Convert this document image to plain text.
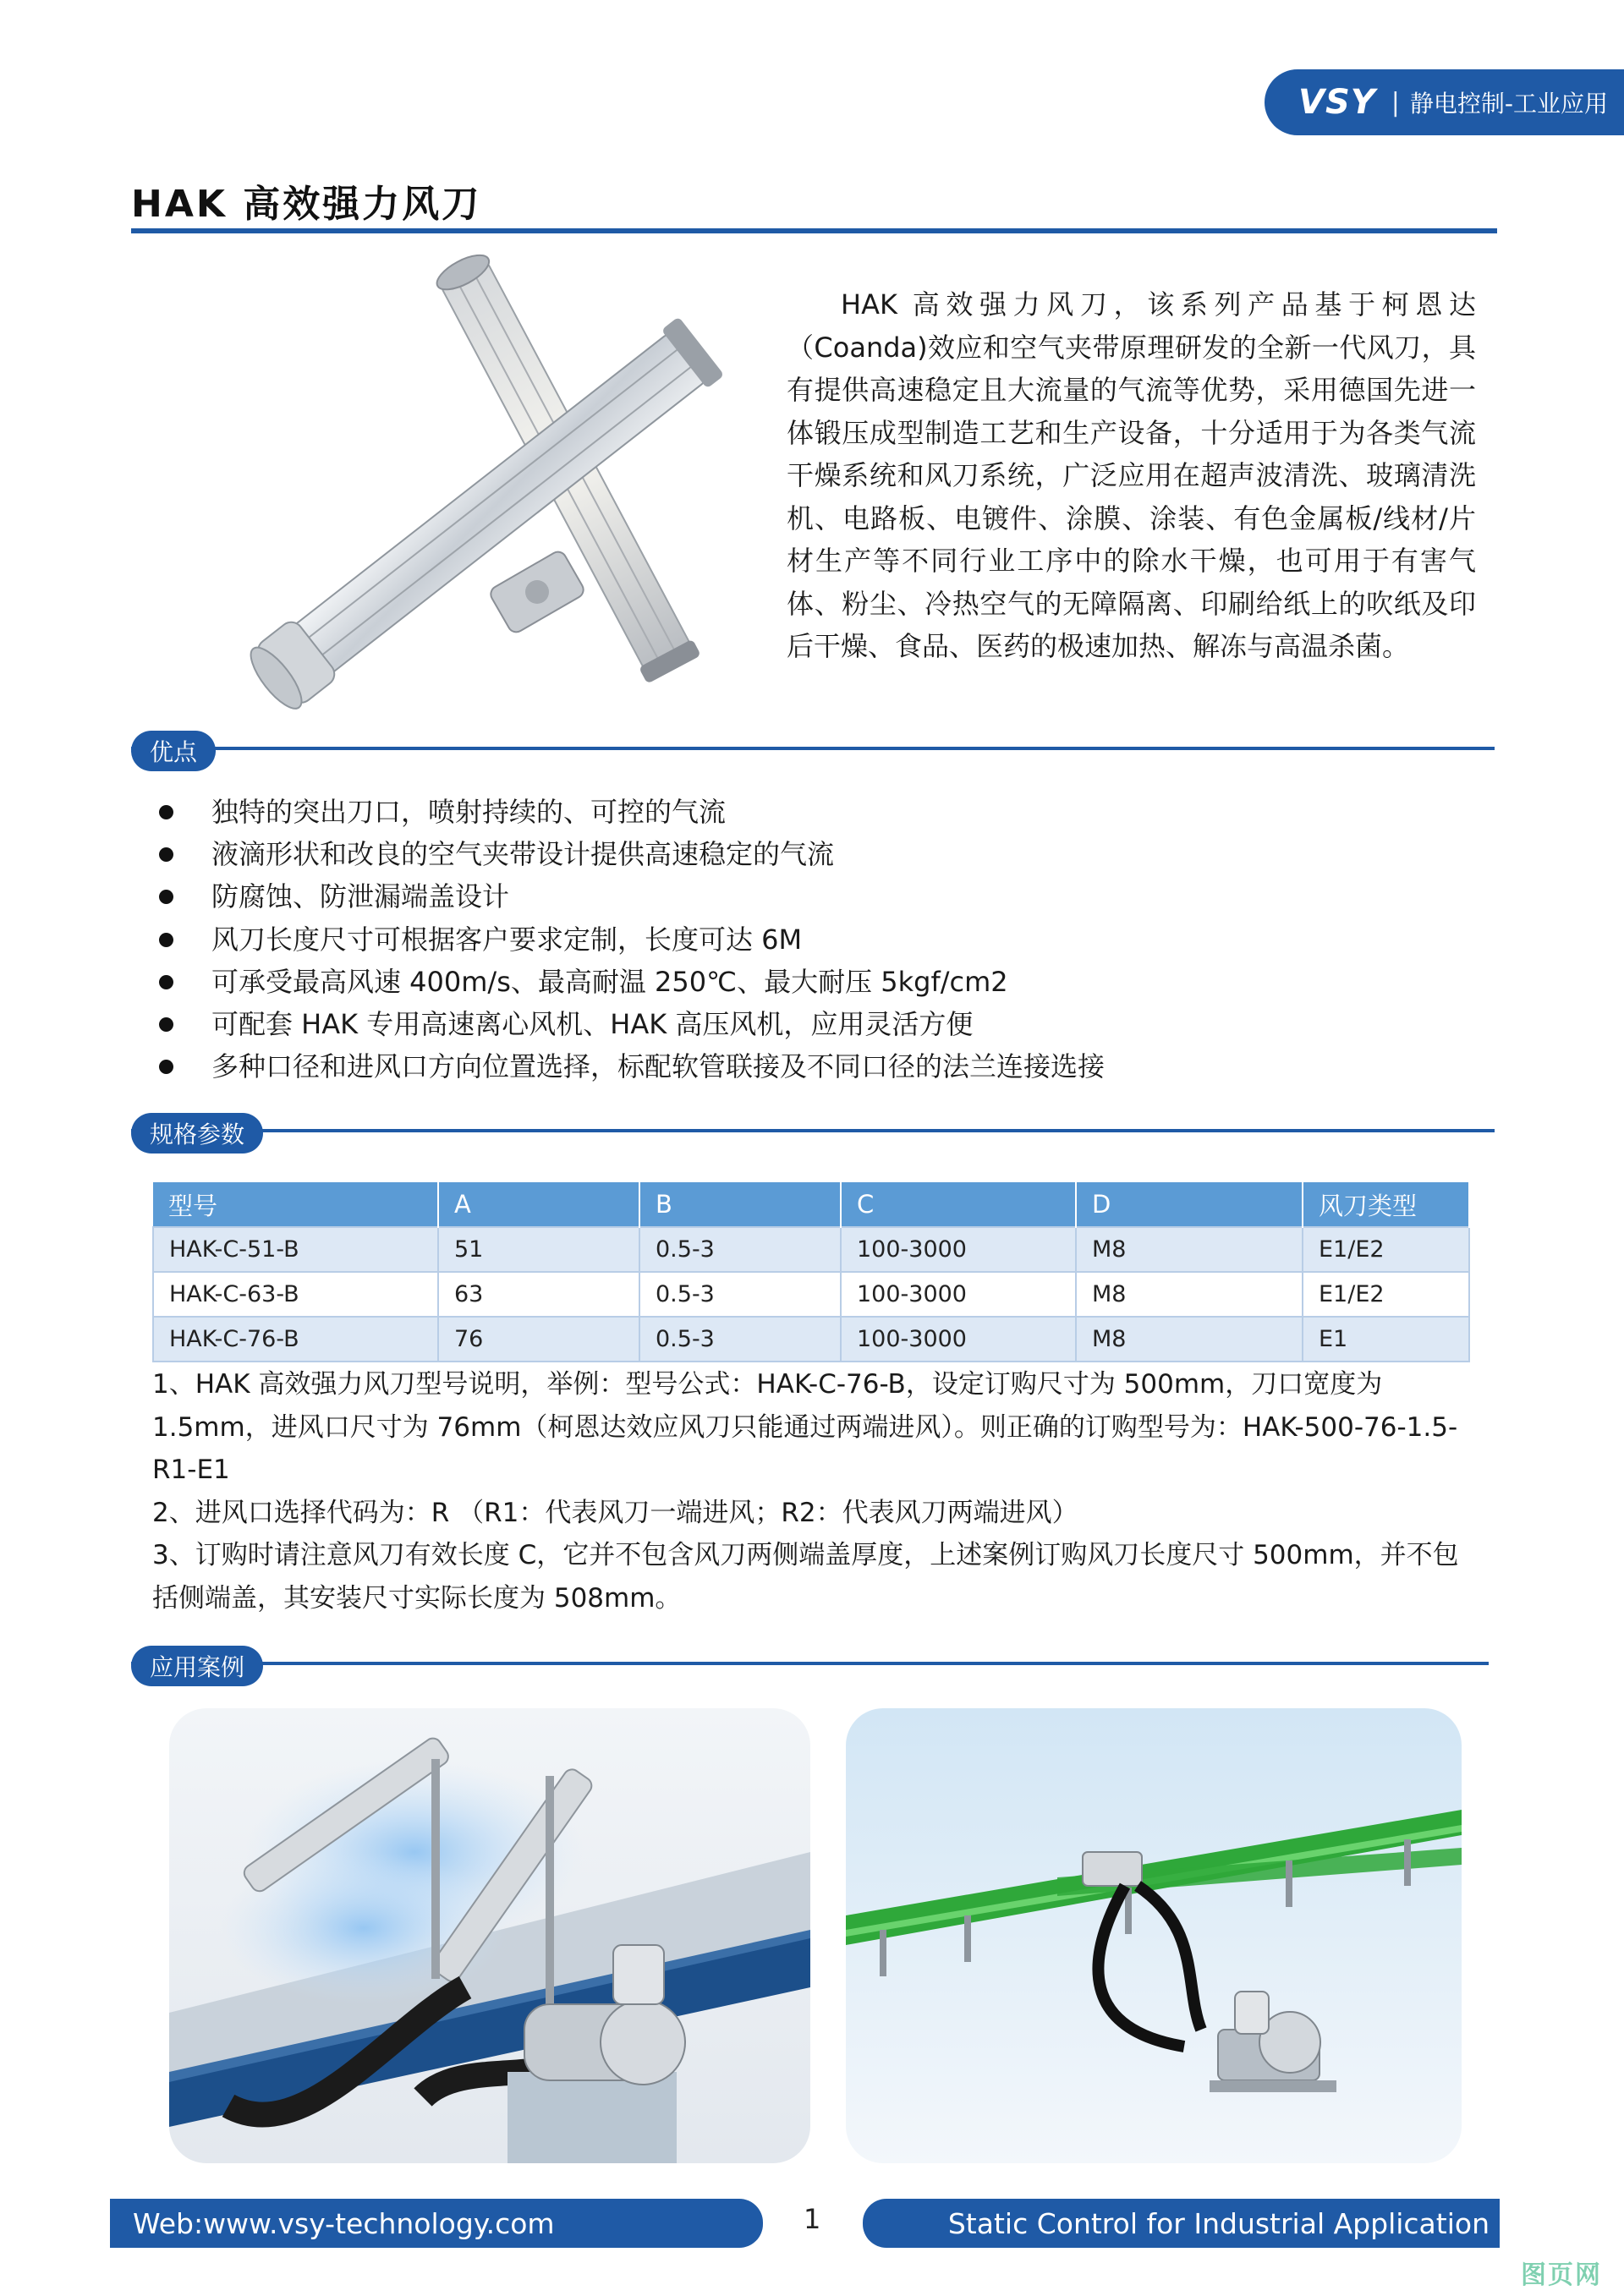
VSY | 静电控制-工业应用
HAK 高效强力风刀
HAK 高效强力风刀，该系列产品基于柯恩达（Coanda)效应和空气夹带原理研发的全新一代风刀，具有提供高速稳定且大流量的气流等优势，采用德国先进一体锻压成型制造工艺和生产设备，十分适用于为各类气流干燥系统和风刀系统，广泛应用在超声波清洗、玻璃清洗机、电路板、电镀件、涂膜、涂装、有色金属板/线材/片材生产等不同行业工序中的除水干燥，也可用于有害气体、粉尘、冷热空气的无障隔离、印刷给纸上的吹纸及印后干燥、食品、医药的极速加热、解冻与高温杀菌。
优点
独特的突出刀口，喷射持续的、可控的气流
液滴形状和改良的空气夹带设计提供高速稳定的气流
防腐蚀、防泄漏端盖设计
风刀长度尺寸可根据客户要求定制，长度可达 6M
可承受最高风速 400m/s、最高耐温 250℃、最大耐压 5kgf/cm2
可配套 HAK 专用高速离心风机、HAK 高压风机，应用灵活方便
多种口径和进风口方向位置选择，标配软管联接及不同口径的法兰连接选接
规格参数
型号	A	B	C	D	风刀类型
HAK-C-51-B	51	0.5-3	100-3000	M8	E1/E2
HAK-C-63-B	63	0.5-3	100-3000	M8	E1/E2
HAK-C-76-B	76	0.5-3	100-3000	M8	E1

1、HAK 高效强力风刀型号说明，举例：型号公式：HAK-C-76-B，设定订购尺寸为 500mm，刀口宽度为 1.5mm，进风口尺寸为 76mm（柯恩达效应风刀只能通过两端进风）。则正确的订购型号为：HAK-500-76-1.5-R1-E1

2、进风口选择代码为：R （R1：代表风刀一端进风；R2：代表风刀两端进风）

3、订购时请注意风刀有效长度 C，它并不包含风刀两侧端盖厚度，上述案例订购风刀长度尺寸 500mm，并不包括侧端盖，其安装尺寸实际长度为 508mm。

应用案例
Web:www.vsy-technology.com	1	Static Control for Industrial Application
图页网
